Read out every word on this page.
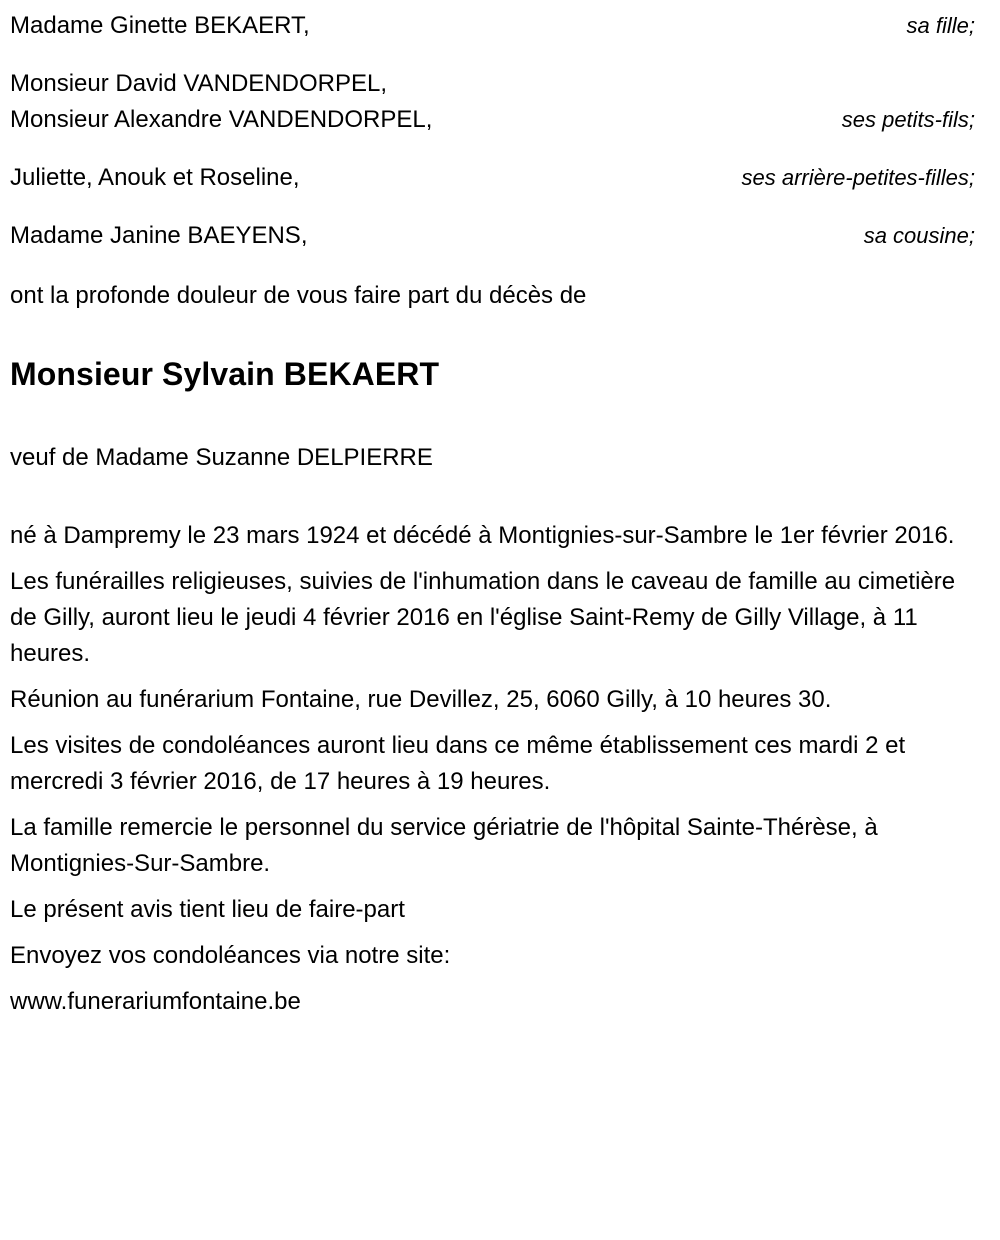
Madame Ginette BEKAERT,	sa fille;
Monsieur David VANDENDORPEL,
Monsieur Alexandre VANDENDORPEL,	ses petits-fils;
Juliette, Anouk et Roseline,	ses arrière-petites-filles;
Madame Janine BAEYENS,	sa cousine;
ont la profonde douleur de vous faire part du décès de
Monsieur Sylvain BEKAERT
veuf de Madame Suzanne DELPIERRE

né à Dampremy le 23 mars 1924 et décédé à Montignies-sur-Sambre le 1er février 2016.

Les funérailles religieuses, suivies de l'inhumation dans le caveau de famille au cimetière de Gilly, auront lieu le jeudi 4 février 2016 en l'église Saint-Remy de Gilly Village, à 11 heures.

Réunion au funérarium Fontaine, rue Devillez, 25, 6060 Gilly, à 10 heures 30.

Les visites de condoléances auront lieu dans ce même établissement ces mardi 2 et mercredi 3 février 2016, de 17 heures à 19 heures.

La famille remercie le personnel du service gériatrie de l'hôpital Sainte-Thérèse, à Montignies-Sur-Sambre.

Le présent avis tient lieu de faire-part

Envoyez vos condoléances via notre site:

www.funerariumfontaine.be
